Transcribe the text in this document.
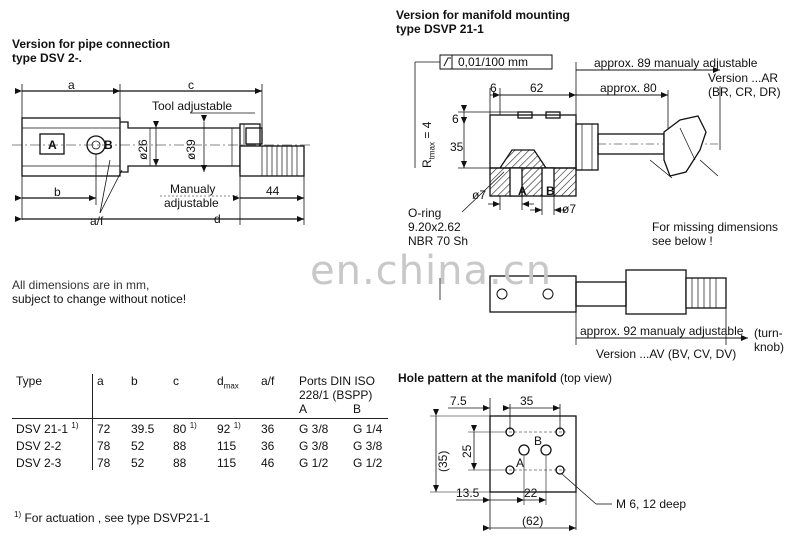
Version for pipe connection
type DSV 2-.
a	c
Tool adjustable
A	B ø26	ø39
b	Manualy
adjustable
44
d
a/f
All dimensions are in mm,
subject to change without notice!
en.china.cn
Version for manifold mounting
type DSVP 21-1
0,01/100 mm	approx. 89 manualy adjustable
Version ...AR
(BR, CR, DR)
6	62	approx. 80
$R_{tmax} = 4$
6
35
ø7
ø7
A B
O-ring
9.20x2.62
NBR 70 Sh
For missing dimensions
see below !
approx. 92 manualy adjustable (turn-
knob)
Version ...AV (BV, CV, DV)
Hole pattern at the manifold (top view)
7.5	35
(35) 25
A
B
13.5	22
(62)
M 6, 12 deep
Type	a	b	c	$d_{max}$	a/f	Ports DIN ISO
228/1 (BSPP)
A B	

DSV 21-1 $^{1)}$	72	39.5	80 $^{1)}$	92 $^{1)}$	36	G 3/8	G 1/4
DSV 2-2	78	52	88	115	36	G 3/8	G 3/8
DSV 2-3	78	52	88	115	46	G 1/2	G 1/2
$^{1)}$ For actuation , see type DSVP21-1
